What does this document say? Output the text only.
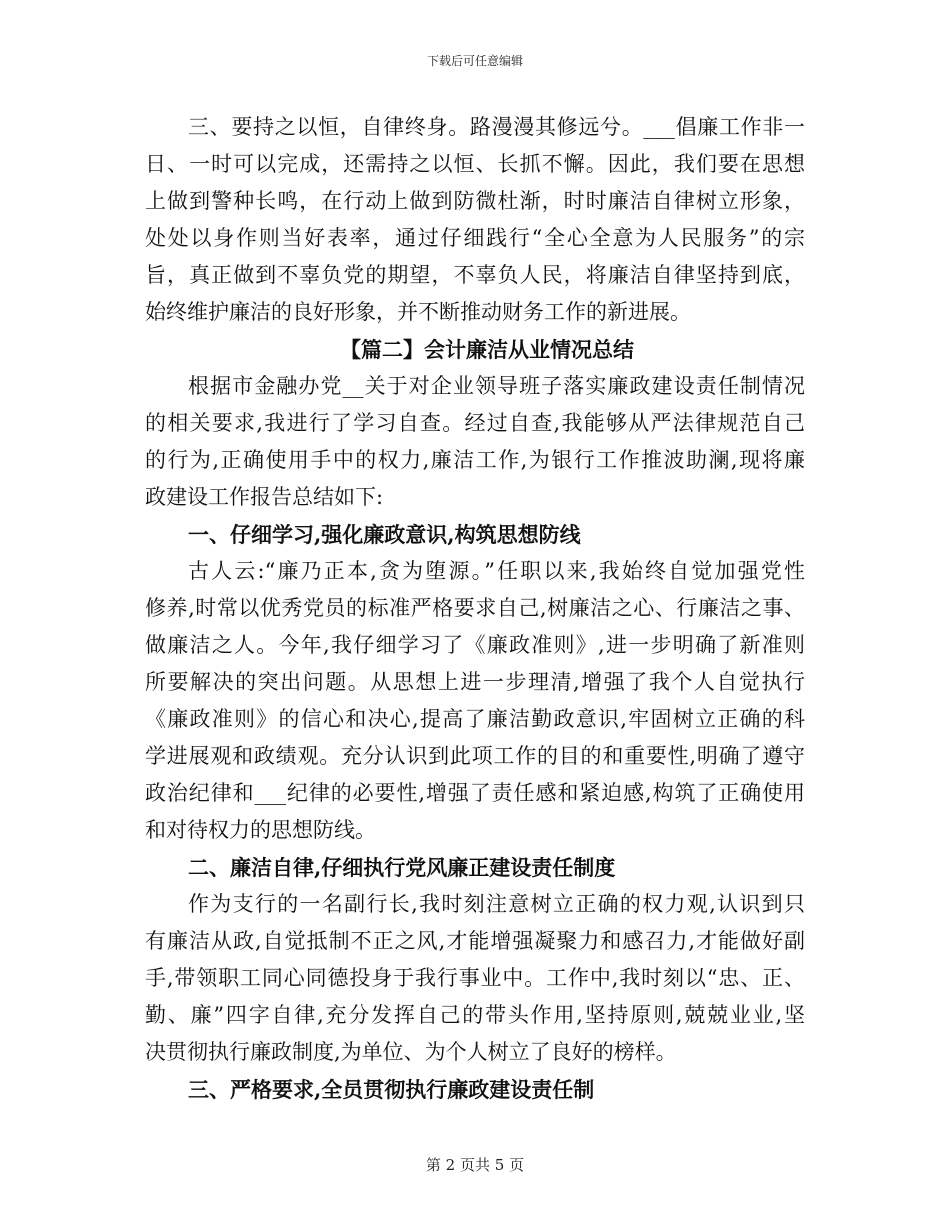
下载后可任意编辑
三、要持之以恒，自律终身。路漫漫其修远兮。___倡廉工作非一
日、一时可以完成，还需持之以恒、长抓不懈。因此，我们要在思想
上做到警种长鸣，在行动上做到防微杜渐，时时廉洁自律树立形象，
处处以身作则当好表率，通过仔细践行“全心全意为人民服务”的宗
旨，真正做到不辜负党的期望，不辜负人民，将廉洁自律坚持到底，
始终维护廉洁的良好形象，并不断推动财务工作的新进展。
【篇二】会计廉洁从业情况总结
根据市金融办党__关于对企业领导班子落实廉政建设责任制情况
的相关要求,我进行了学习自查。经过自查,我能够从严法律规范自己
的行为,正确使用手中的权力,廉洁工作,为银行工作推波助澜,现将廉
政建设工作报告总结如下:
一、仔细学习,强化廉政意识,构筑思想防线
古人云:“廉乃正本,贪为堕源。”任职以来,我始终自觉加强党性
修养,时常以优秀党员的标准严格要求自己,树廉洁之心、行廉洁之事、
做廉洁之人。今年,我仔细学习了《廉政准则》,进一步明确了新准则
所要解决的突出问题。从思想上进一步理清,增强了我个人自觉执行
《廉政准则》的信心和决心,提高了廉洁勤政意识,牢固树立正确的科
学进展观和政绩观。充分认识到此项工作的目的和重要性,明确了遵守
政治纪律和___纪律的必要性,增强了责任感和紧迫感,构筑了正确使用
和对待权力的思想防线。
二、廉洁自律,仔细执行党风廉正建设责任制度
作为支行的一名副行长,我时刻注意树立正确的权力观,认识到只
有廉洁从政,自觉抵制不正之风,才能增强凝聚力和感召力,才能做好副
手,带领职工同心同德投身于我行事业中。工作中,我时刻以“忠、正、
勤、廉”四字自律,充分发挥自己的带头作用,坚持原则,兢兢业业,坚
决贯彻执行廉政制度,为单位、为个人树立了良好的榜样。
三、严格要求,全员贯彻执行廉政建设责任制
第 2 页共 5 页
